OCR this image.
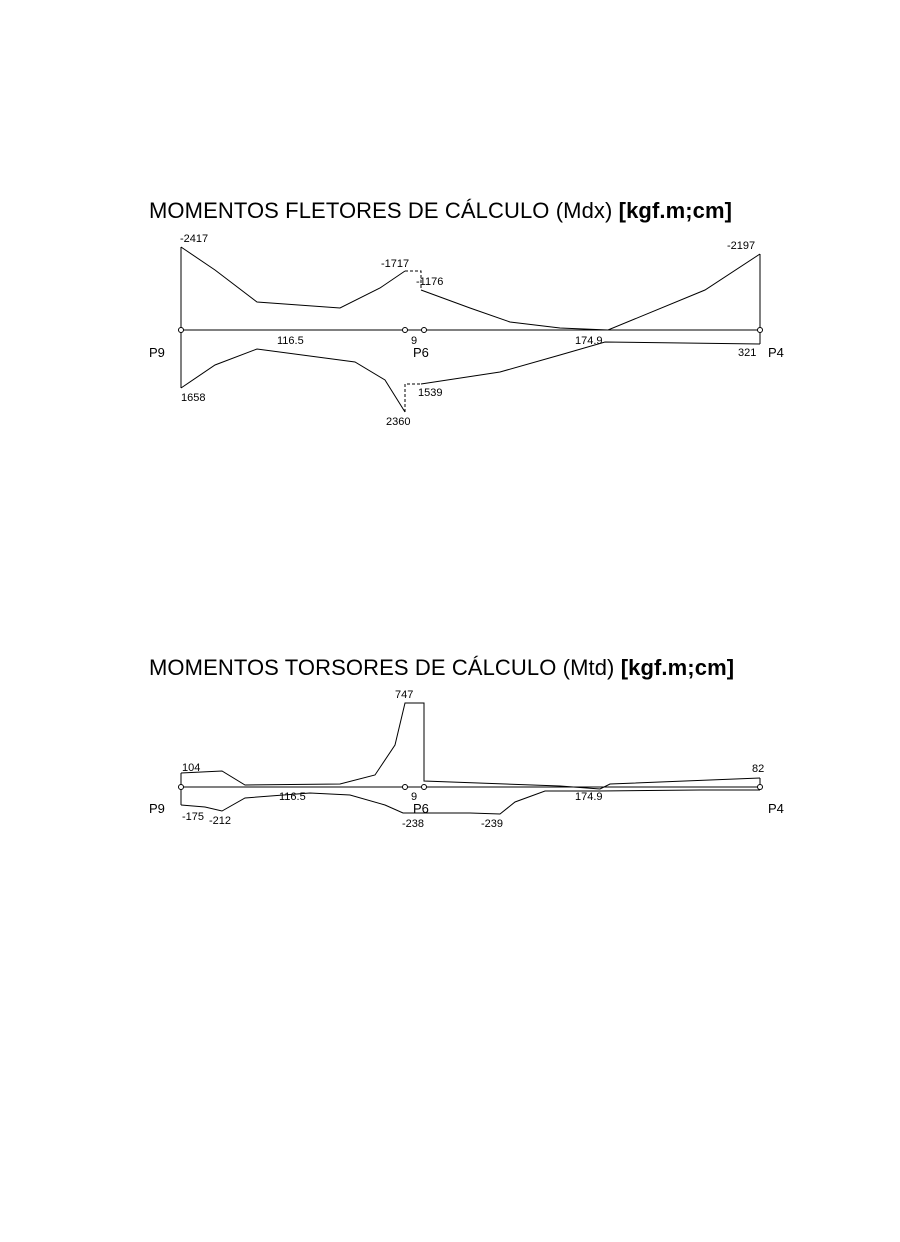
MOMENTOS FLETORES DE CÁLCULO (Mdx) [kgf.m;cm]
116.5	9	174.9
P9	P6	P4
-2417
-1717
-1176
-2197
1658
2360
1539
321
MOMENTOS TORSORES DE CÁLCULO (Mtd) [kgf.m;cm]
116.5	9	174.9
P9	P6	P4
747
104	82
-175 -212	-238	-239
